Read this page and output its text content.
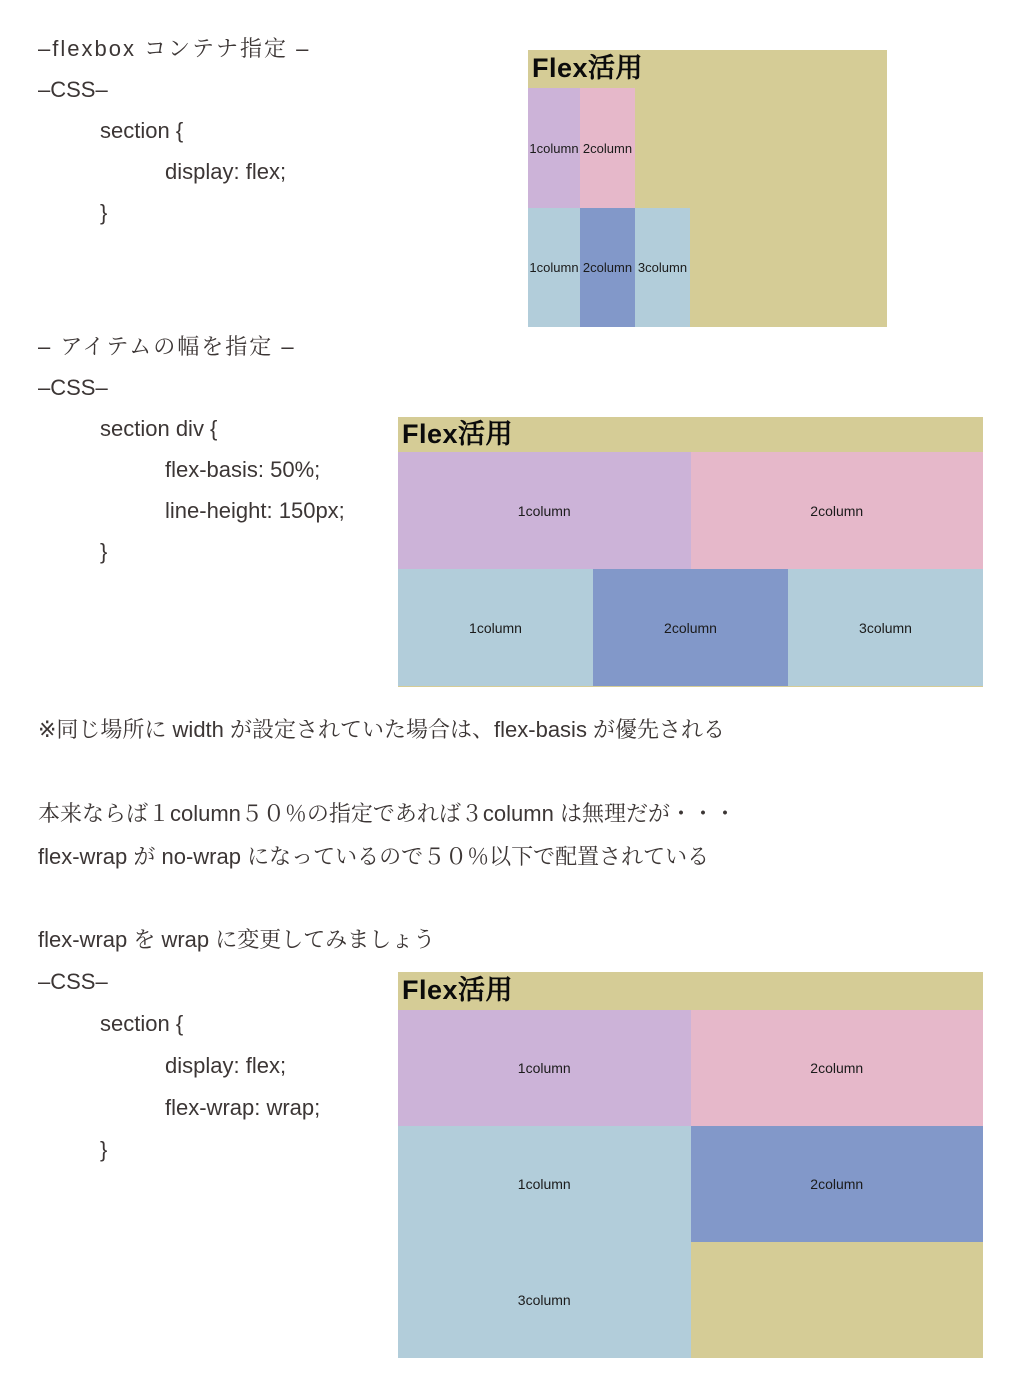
–flexbox コンテナ指定 –
–CSS–
section {
display: flex;
}
Flex活用
1column 2column
1column 2column 3column
– アイテムの幅を指定 –
–CSS–
section div {
flex-basis: 50%;
line-height: 150px;
}
Flex活用
1column	2column
1column	2column	3column
※同じ場所に width が設定されていた場合は、flex-basis が優先される
本来ならば１column５０％の指定であれば３column は無理だが・・・
flex-wrap が no-wrap になっているので５０％以下で配置されている
flex-wrap を wrap に変更してみましょう
–CSS–
section {
display: flex;
flex-wrap: wrap;
}
Flex活用
1column	2column
1column	2column
3column
